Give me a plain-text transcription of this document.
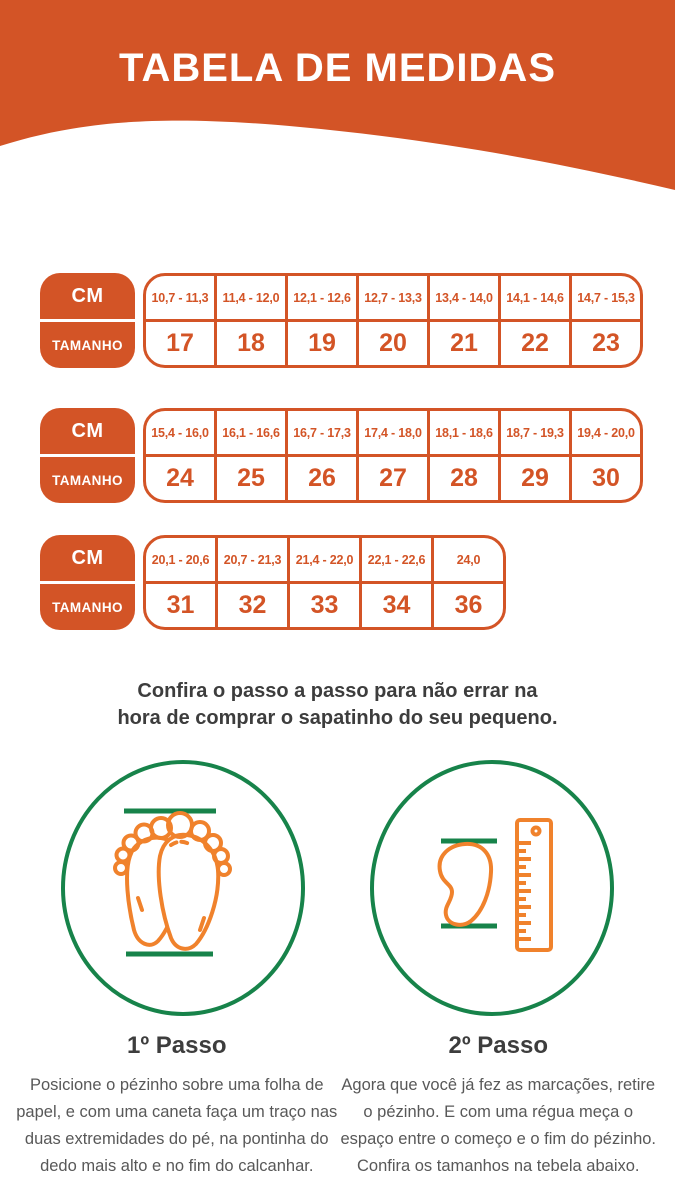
TABELA DE MEDIDAS
CM
TAMANHO
10,7 - 11,3
17
11,4 - 12,0
18
12,1 - 12,6
19
12,7 - 13,3
20
13,4 - 14,0
21
14,1 - 14,6
22
14,7 - 15,3
23
CM
TAMANHO
15,4 - 16,0
24
16,1 - 16,6
25
16,7 - 17,3
26
17,4 - 18,0
27
18,1 - 18,6
28
18,7 - 19,3
29
19,4 - 20,0
30
CM
TAMANHO
20,1 - 20,6
31
20,7 - 21,3
32
21,4 - 22,0
33
22,1 - 22,6
34
24,0
36
Confira o passo a passo para não errar na
hora de comprar o sapatinho do seu pequeno.
1º Passo

Posicione o pézinho sobre uma folha de papel, e com uma caneta faça um traço nas duas extremidades do pé, na pontinha do dedo mais alto e no fim do calcanhar.

2º Passo

Agora que você já fez as marcações, retire o pézinho. E com uma régua meça o espaço entre o começo e o fim do pézinho. Confira os tamanhos na tebela abaixo.
